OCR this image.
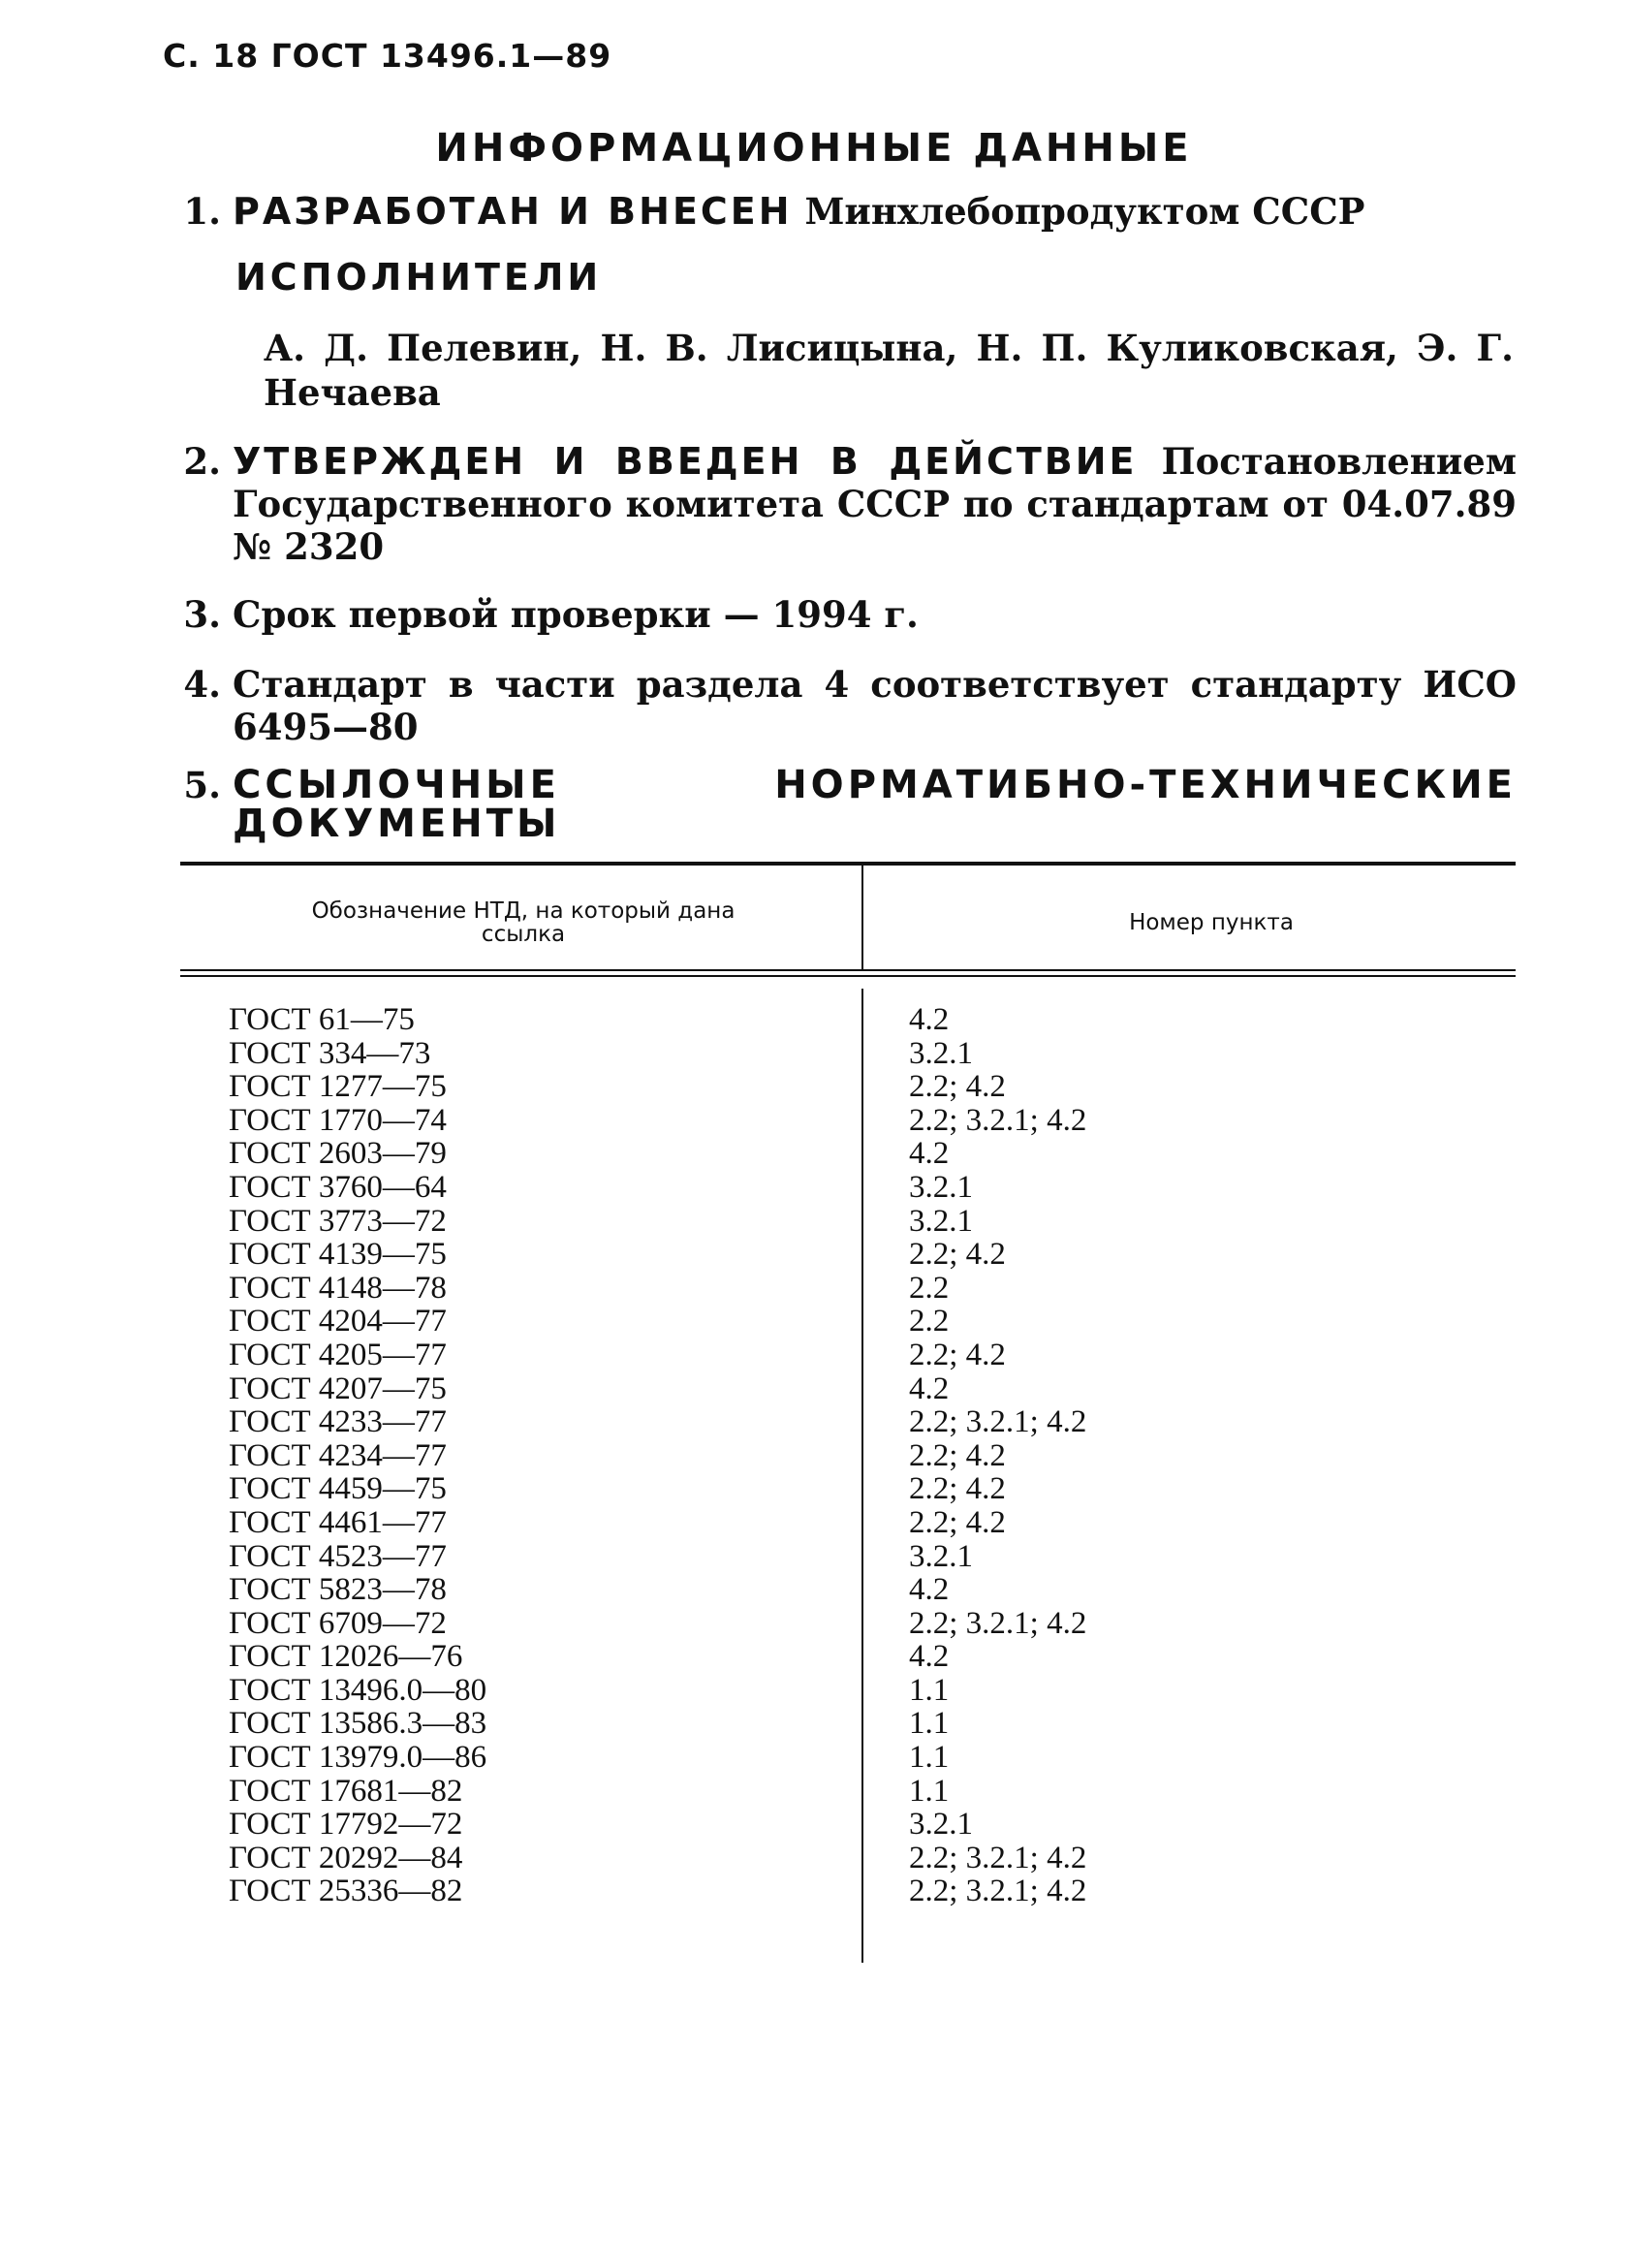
С. 18 ГОСТ 13496.1—89
ИНФОРМАЦИОННЫЕ ДАННЫЕ
1. РАЗРАБОТАН И ВНЕСЕН Минхлебопродуктом СССР
ИСПОЛНИТЕЛИ
А. Д. Пелевин, Н. В. Лисицына, Н. П. Куликовская, Э. Г. Нечаева
2. УТВЕРЖДЕН И ВВЕДЕН В ДЕЙСТВИЕ Постановлением Государственного комитета СССР по стандартам от 04.07.89 № 2320
3. Срок первой проверки — 1994 г.
4. Стандарт в части раздела 4 соответствует стандарту ИСО 6495—80
5. ССЫЛОЧНЫЕ НОРМАТИБНО-ТЕХНИЧЕСКИЕ ДОКУМЕНТЫ
Обозначение НТД, на который дана ссылка	Номер пункта
ГОСТ 61—75
ГОСТ 334—73
ГОСТ 1277—75
ГОСТ 1770—74
ГОСТ 2603—79
ГОСТ 3760—64
ГОСТ 3773—72
ГОСТ 4139—75
ГОСТ 4148—78
ГОСТ 4204—77
ГОСТ 4205—77
ГОСТ 4207—75
ГОСТ 4233—77
ГОСТ 4234—77
ГОСТ 4459—75
ГОСТ 4461—77
ГОСТ 4523—77
ГОСТ 5823—78
ГОСТ 6709—72
ГОСТ 12026—76
ГОСТ 13496.0—80
ГОСТ 13586.3—83
ГОСТ 13979.0—86
ГОСТ 17681—82
ГОСТ 17792—72
ГОСТ 20292—84
ГОСТ 25336—82
4.2
3.2.1
2.2; 4.2
2.2; 3.2.1; 4.2
4.2
3.2.1
3.2.1
2.2; 4.2
2.2
2.2
2.2; 4.2
4.2
2.2; 3.2.1; 4.2
2.2; 4.2
2.2; 4.2
2.2; 4.2
3.2.1
4.2
2.2; 3.2.1; 4.2
4.2
1.1
1.1
1.1
1.1
3.2.1
2.2; 3.2.1; 4.2
2.2; 3.2.1; 4.2
